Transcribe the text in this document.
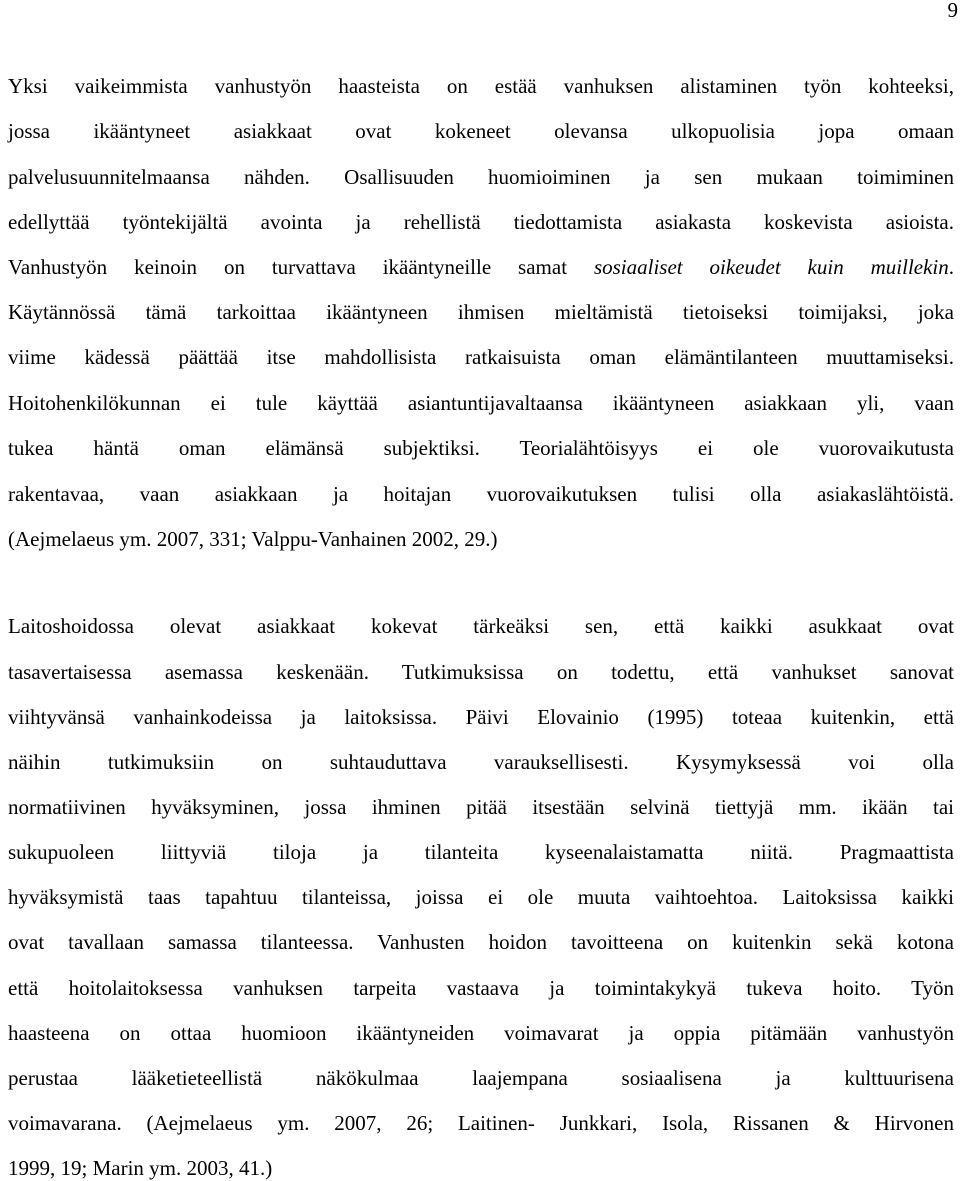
9
Yksi vaikeimmista vanhustyön haasteista on estää vanhuksen alistaminen työn kohteeksi,
jossa ikääntyneet asiakkaat ovat kokeneet olevansa ulkopuolisia jopa omaan
palvelusuunnitelmaansa nähden. Osallisuuden huomioiminen ja sen mukaan toimiminen
edellyttää työntekijältä avointa ja rehellistä tiedottamista asiakasta koskevista asioista.
Vanhustyön keinoin on turvattava ikääntyneille samat sosiaaliset oikeudet kuin muillekin.
Käytännössä tämä tarkoittaa ikääntyneen ihmisen mieltämistä tietoiseksi toimijaksi, joka
viime kädessä päättää itse mahdollisista ratkaisuista oman elämäntilanteen muuttamiseksi.
Hoitohenkilökunnan ei tule käyttää asiantuntijavaltaansa ikääntyneen asiakkaan yli, vaan
tukea häntä oman elämänsä subjektiksi. Teorialähtöisyys ei ole vuorovaikutusta
rakentavaa, vaan asiakkaan ja hoitajan vuorovaikutuksen tulisi olla asiakaslähtöistä.
(Aejmelaeus ym. 2007, 331; Valppu-Vanhainen 2002, 29.)
Laitoshoidossa olevat asiakkaat kokevat tärkeäksi sen, että kaikki asukkaat ovat
tasavertaisessa asemassa keskenään. Tutkimuksissa on todettu, että vanhukset sanovat
viihtyvänsä vanhainkodeissa ja laitoksissa. Päivi Elovainio (1995) toteaa kuitenkin, että
näihin tutkimuksiin on suhtauduttava varauksellisesti. Kysymyksessä voi olla
normatiivinen hyväksyminen, jossa ihminen pitää itsestään selvinä tiettyjä mm. ikään tai
sukupuoleen liittyviä tiloja ja tilanteita kyseenalaistamatta niitä. Pragmaattista
hyväksymistä taas tapahtuu tilanteissa, joissa ei ole muuta vaihtoehtoa. Laitoksissa kaikki
ovat tavallaan samassa tilanteessa. Vanhusten hoidon tavoitteena on kuitenkin sekä kotona
että hoitolaitoksessa vanhuksen tarpeita vastaava ja toimintakykyä tukeva hoito. Työn
haasteena on ottaa huomioon ikääntyneiden voimavarat ja oppia pitämään vanhustyön
perustaa lääketieteellistä näkökulmaa laajempana sosiaalisena ja kulttuurisena
voimavarana. (Aejmelaeus ym. 2007, 26; Laitinen- Junkkari, Isola, Rissanen & Hirvonen
1999, 19; Marin ym. 2003, 41.)
